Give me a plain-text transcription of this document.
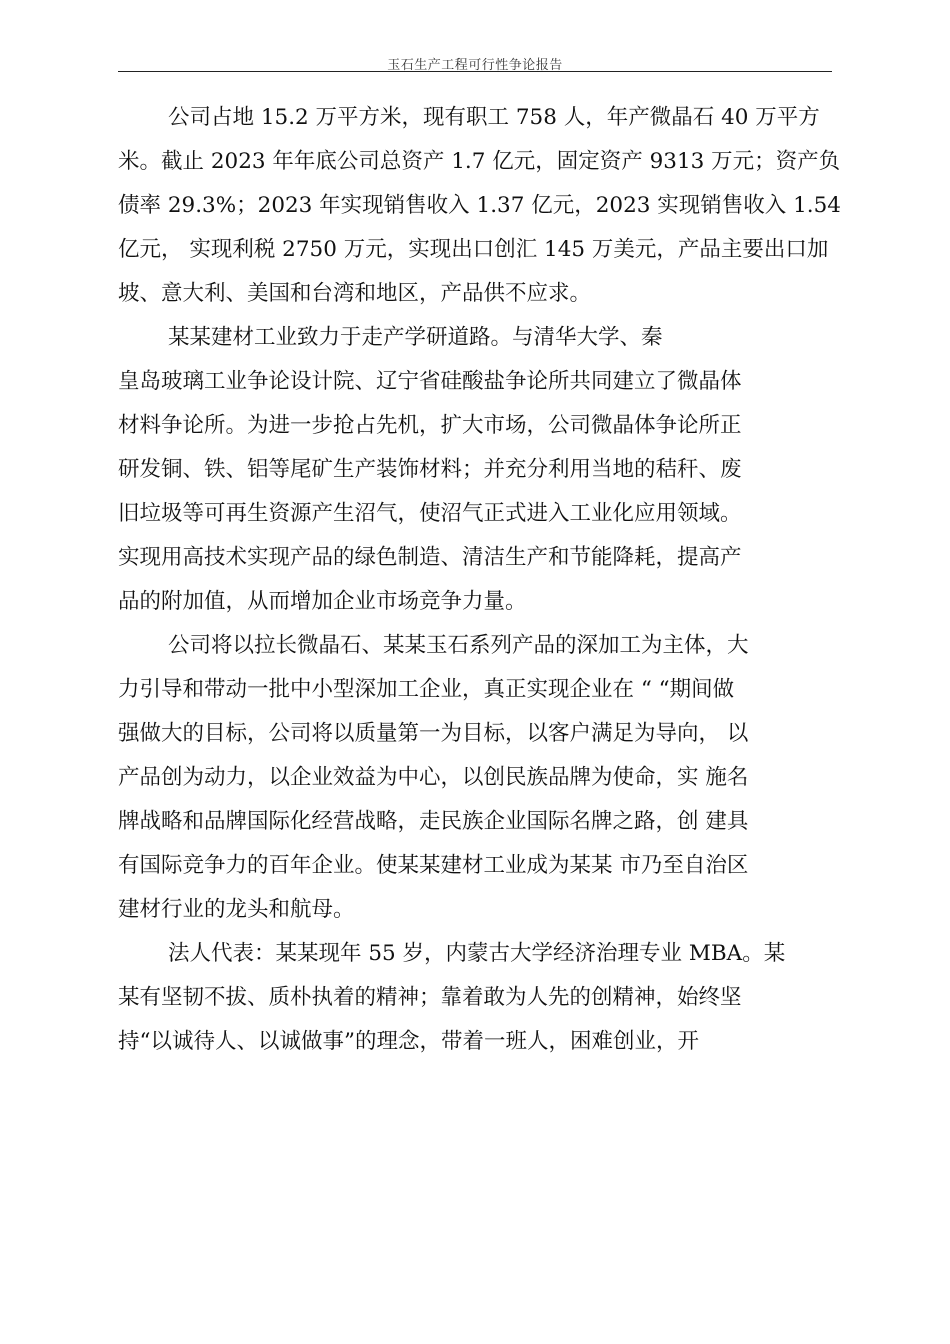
玉石生产工程可行性争论报告
公司占地 15.2 万平方米，现有职工 758 人，年产微晶石 40 万平方
米。截止 2023 年年底公司总资产 1.7 亿元，固定资产 9313 万元；资产负
债率 29.3%；2023 年实现销售收入 1.37 亿元，2023 实现销售收入 1.54
亿元， 实现利税 2750 万元，实现出口创汇 145 万美元，产品主要出口加
坡、意大利、美国和台湾和地区，产品供不应求。
某某建材工业致力于走产学研道路。与清华大学、秦
皇岛玻璃工业争论设计院、辽宁省硅酸盐争论所共同建立了微晶体
材料争论所。为进一步抢占先机，扩大市场，公司微晶体争论所正
研发铜、铁、铝等尾矿生产装饰材料；并充分利用当地的秸秆、废
旧垃圾等可再生资源产生沼气，使沼气正式进入工业化应用领域。
实现用高技术实现产品的绿色制造、清洁生产和节能降耗，提高产
品的附加值，从而增加企业市场竞争力量。
公司将以拉长微晶石、某某玉石系列产品的深加工为主体，大
力引导和带动一批中小型深加工企业，真正实现企业在 “ “期间做
强做大的目标，公司将以质量第一为目标，以客户满足为导向， 以
产品创为动力，以企业效益为中心，以创民族品牌为使命，实 施名
牌战略和品牌国际化经营战略，走民族企业国际名牌之路，创 建具
有国际竞争力的百年企业。使某某建材工业成为某某 市乃至自治区
建材行业的龙头和航母。
法人代表：某某现年 55 岁，内蒙古大学经济治理专业 MBA。某
某有坚韧不拔、质朴执着的精神；靠着敢为人先的创精神，始终坚
持“以诚待人、以诚做事”的理念，带着一班人，困难创业，开
